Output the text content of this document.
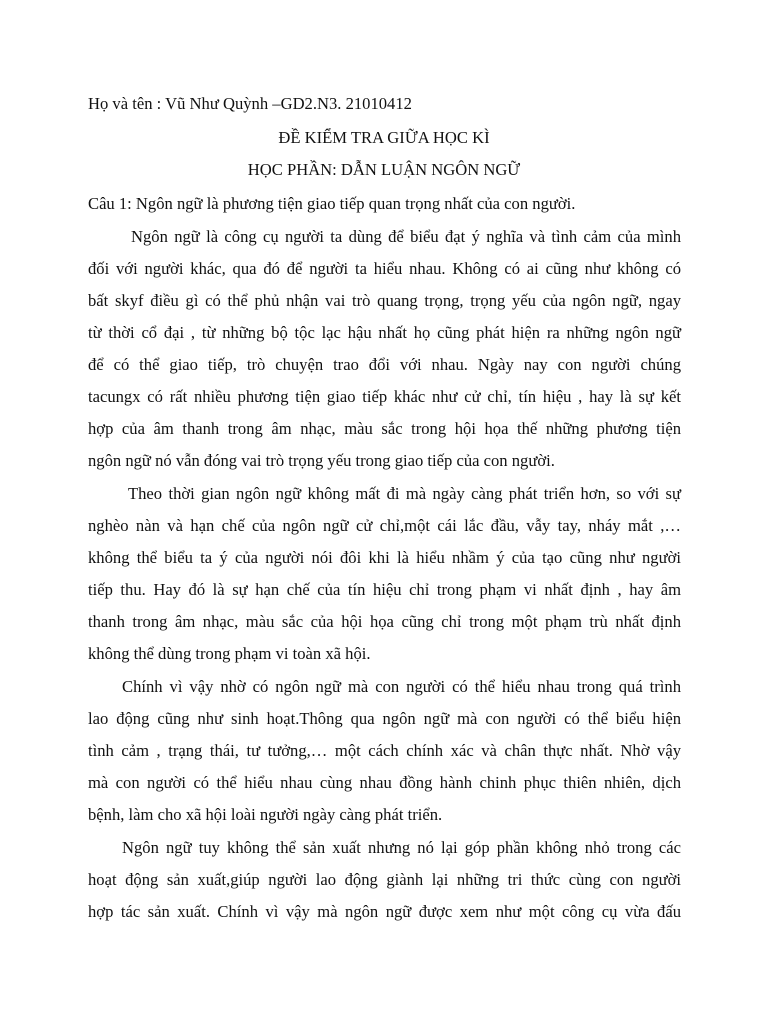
Họ và tên : Vũ Như Quỳnh –GD2.N3. 21010412
ĐỀ KIỂM TRA GIỮA HỌC KÌ
HỌC PHẦN: DẪN LUẬN NGÔN NGỮ
Câu 1: Ngôn ngữ là phương tiện giao tiếp quan trọng nhất của con người.
Ngôn ngữ là công cụ người ta dùng để biểu đạt ý nghĩa và tình cảm của mình
đối với người khác, qua đó để người ta hiểu nhau. Không có ai cũng như không có
bất skyf điều gì có thể phủ nhận vai trò quang trọng, trọng yếu của ngôn ngữ, ngay
từ thời cổ đại , từ những bộ tộc lạc hậu nhất họ cũng phát hiện ra những ngôn ngữ
để có thể giao tiếp, trò chuyện trao đổi với nhau. Ngày nay con người chúng
tacungx có rất nhiều phương tiện giao tiếp khác như cử chỉ, tín hiệu , hay là sự kết
hợp của âm thanh trong âm nhạc, màu sắc trong hội họa thế những phương tiện
ngôn ngữ nó vẫn đóng vai trò trọng yếu trong giao tiếp của con người.
Theo thời gian ngôn ngữ không mất đi mà ngày càng phát triển hơn, so với sự
nghèo nàn và hạn chế của ngôn ngữ cử chỉ,một cái lắc đầu, vẫy tay, nháy mắt ,…
không thể biểu ta ý của người nói đôi khi là hiểu nhầm ý của tạo cũng như người
tiếp thu. Hay đó là sự hạn chế của tín hiệu chỉ trong phạm vi nhất định , hay âm
thanh trong âm nhạc, màu sắc của hội họa cũng chỉ trong một phạm trù nhất định
không thể dùng trong phạm vi toàn xã hội.
Chính vì vậy nhờ có ngôn ngữ mà con người có thể hiểu nhau trong quá trình
lao động cũng như sinh hoạt.Thông qua ngôn ngữ mà con người có thể biểu hiện
tình cảm , trạng thái, tư tưởng,… một cách chính xác và chân thực nhất. Nhờ vậy
mà con người có thể hiểu nhau cùng nhau đồng hành chinh phục thiên nhiên, dịch
bệnh, làm cho xã hội loài người ngày càng phát triển.
Ngôn ngữ tuy không thể sản xuất nhưng nó lại góp phần không nhỏ trong các
hoạt động sản xuất,giúp người lao động giành lại những tri thức cùng con người
hợp tác sản xuất. Chính vì vậy mà ngôn ngữ được xem như một công cụ vừa đấu
